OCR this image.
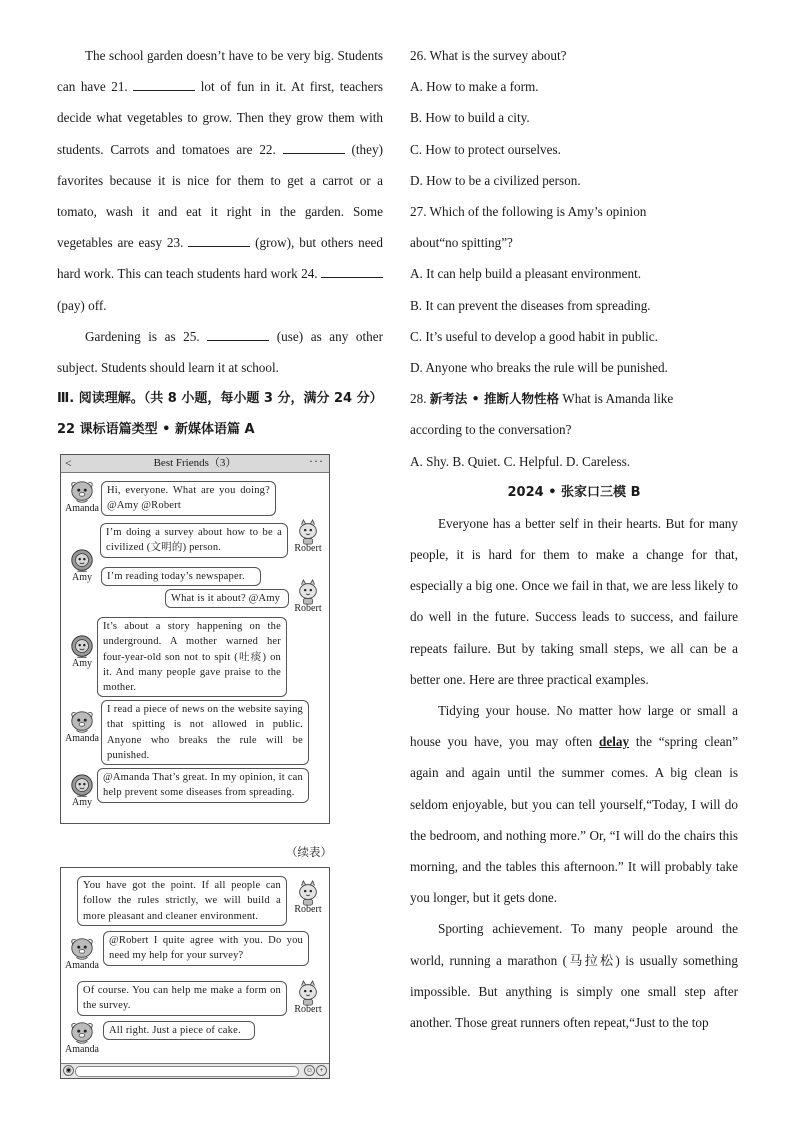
The school garden doesn’t have to be very big. Students can have 21.	lot of fun in it. At first, teachers decide what vegetables to grow. Then they grow them with students. Carrots and tomatoes are 22.	(they) favorites because it is nice for them to get a carrot or a tomato, wash it and eat it right in the garden. Some vegetables are easy 23.	(grow), but others need hard work. This can teach students hard work 24.  (pay) off.

Gardening is as 25.	(use) as any other subject. Students should learn it at school.

Ⅲ. 阅读理解。（共 8 小题，每小题 3 分，满分 24 分）

22 课标语篇类型 • 新媒体语篇 A

<	Best Friends（3）	···
Amanda
Hi, everyone. What are you doing? @Amy @Robert
Robert
I’m doing a survey about how to be a civilized (文明的) person.
Amy	I’m reading today’s newspaper.
Robert
What is it about? @Amy
Amy
It’s about a story happening on the underground. A mother warned her four-year-old son not to spit (吐痰) on it. And many people gave praise to the mother.
Amanda
I read a piece of news on the website saying that spitting is not allowed in public. Anyone who breaks the rule will be punished.
Amy
@Amanda That’s great. In my opinion, it can help prevent some diseases from spreading.
（续表）
Robert
You have got the point. If all people can follow the rules strictly, we will build a more pleasant and cleaner environment.
Amanda
@Robert I quite agree with you. Do you need my help for your survey?
Robert
Of course. You can help me make a form on the survey.
Amanda
All right. Just a piece of cake.
◉	☺ +

26. What is the survey about?

A. How to make a form.

B. How to build a city.

C. How to protect ourselves.

D. How to be a civilized person.

27. Which of the following is Amy’s opinion

about“no spitting”?

A. It can help build a pleasant environment.

B. It can prevent the diseases from spreading.

C. It’s useful to develop a good habit in public.

D. Anyone who breaks the rule will be punished.

28. 新考法 • 推断人物性格 What is Amanda like

according to the conversation?

A. Shy. B. Quiet. C. Helpful. D. Careless.

2024 • 张家口三模 B

Everyone has a better self in their hearts. But for many people, it is hard for them to make a change for that, especially a big one. Once we fail in that, we are less likely to do well in the future. Success leads to success, and failure repeats failure. But by taking small steps, we all can be a better one. Here are three practical examples.

Tidying your house. No matter how large or small a house you have, you may often delay the “spring clean” again and again until the summer comes. A big clean is seldom enjoyable, but you can tell yourself,“Today, I will do the bedroom, and nothing more.” Or, “I will do the chairs this morning, and the tables this afternoon.” It will probably take you longer, but it gets done.

Sporting achievement. To many people around the world, running a marathon (马拉松) is usually something impossible. But anything is simply one small step after another. Those great runners often repeat,“Just to the top
